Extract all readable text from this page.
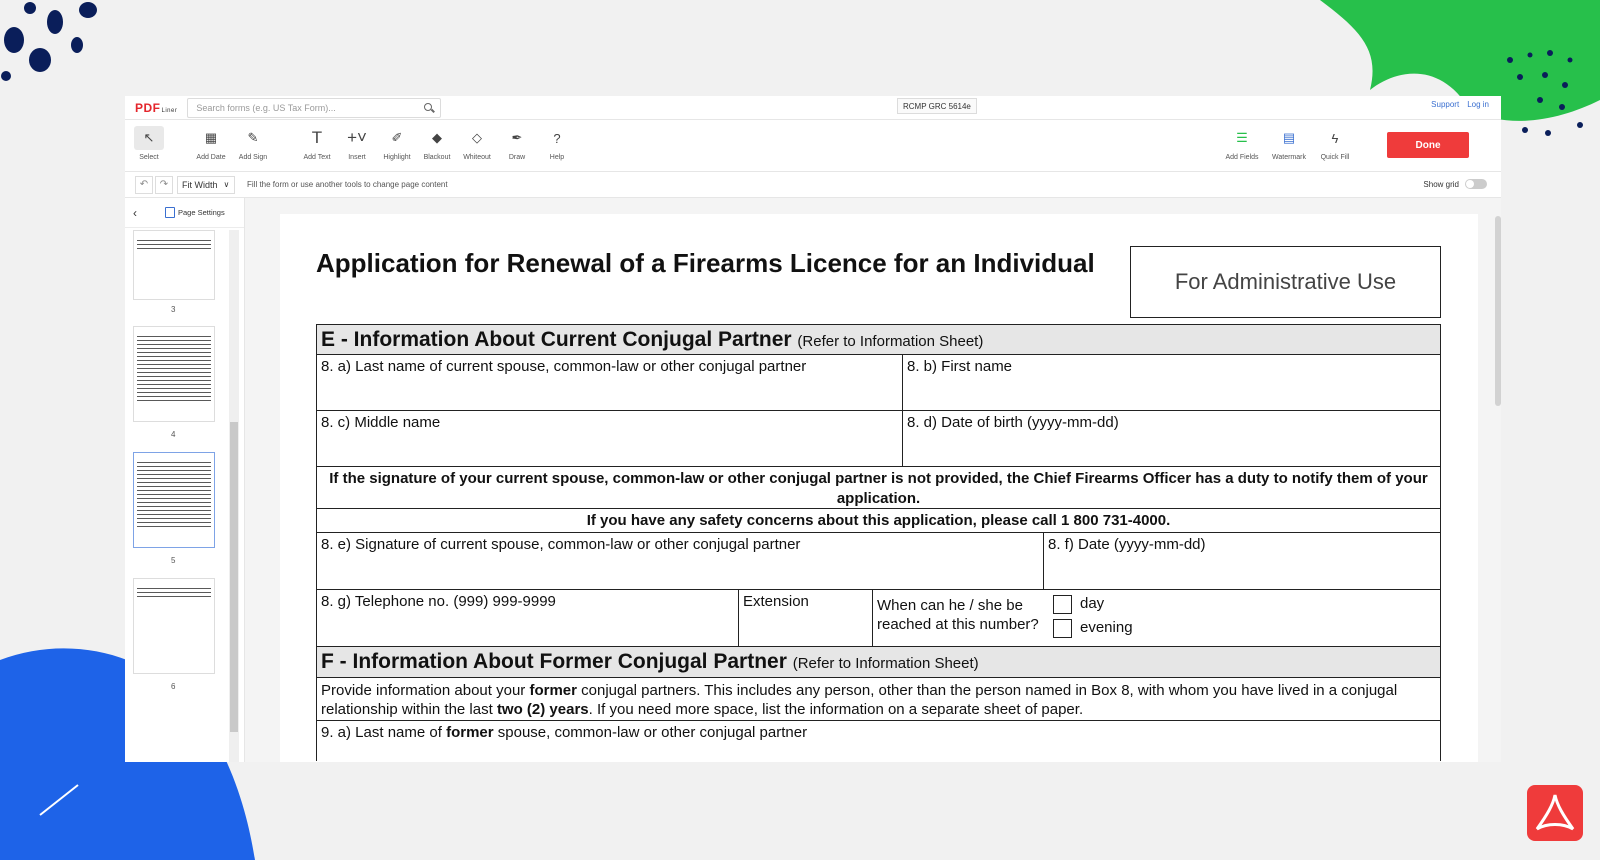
PDF Liner Search forms (e.g. US Tax Form)...	RCMP GRC 5614e	Support Log in
↖
Select
▦
Add Date
✎
Add Sign
T
Add Text
+˅
Insert
✐
Highlight
◆
Blackout
◇
Whiteout
✒
Draw
?
Help
☰
Add Fields
▤
Watermark
ϟ
Quick Fill
Done
↶	↷	Fit Width ∨ Fill the form or use another tools to change page content	Show grid
‹	Page Settings
3
4
5
6
Application for Renewal of a Firearms Licence for an Individual
For Administrative Use
E - Information About Current Conjugal Partner (Refer to Information Sheet)
8. a) Last name of current spouse, common-law or other conjugal partner	8. b) First name
8. c) Middle name	8. d) Date of birth (yyyy-mm-dd)
If the signature of your current spouse, common-law or other conjugal partner is not provided, the Chief Firearms Officer has a duty to notify them of your application.
If you have any safety concerns about this application, please call 1 800 731-4000.
8. e) Signature of current spouse, common-law or other conjugal partner	8. f) Date (yyyy-mm-dd)
8. g) Telephone no. (999) 999-9999	Extension	When can he / she be
reached at this number?
day
evening
F - Information About Former Conjugal Partner (Refer to Information Sheet)
Provide information about your former conjugal partners. This includes any person, other than the person named in Box 8, with whom you have lived in a conjugal relationship within the last two (2) years. If you need more space, list the information on a separate sheet of paper.
9. a) Last name of former spouse, common-law or other conjugal partner
